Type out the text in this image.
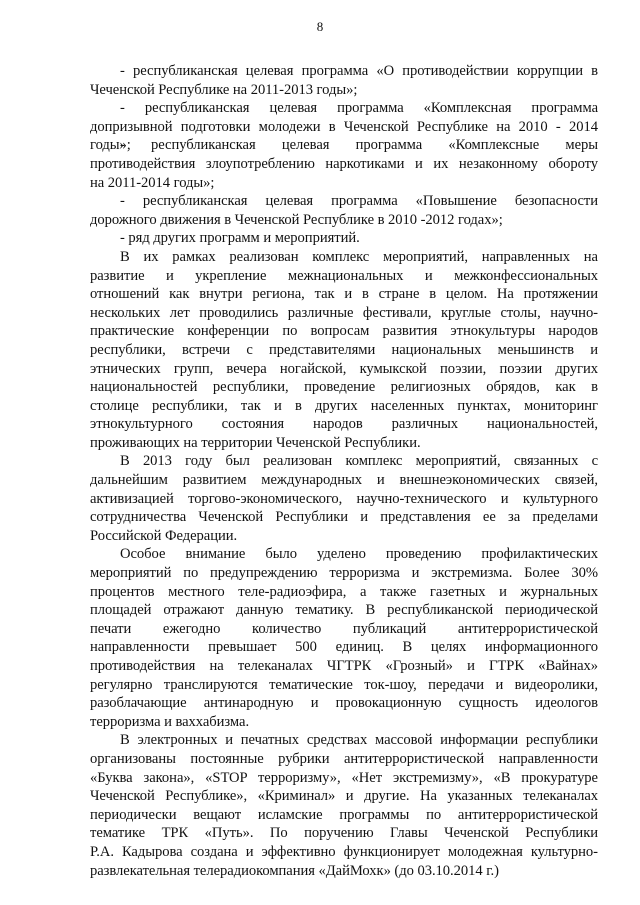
8
- республиканская целевая программа «О противодействии коррупции в
Чеченской Республике на 2011-2013 годы»;
- республиканская целевая программа «Комплексная программа
допризывной подготовки молодежи в Чеченской Республике на 2010 - 2014 годы»;
- республиканская целевая программа «Комплексные меры
противодействия злоупотреблению наркотиками и их незаконному обороту
на 2011-2014 годы»;
- республиканская целевая программа «Повышение безопасности
дорожного движения в Чеченской Республике в 2010 -2012 годах»;
- ряд других программ и мероприятий.
В их рамках реализован комплекс мероприятий, направленных на
развитие и укрепление межнациональных и межконфессиональных
отношений как внутри региона, так и в стране в целом. На протяжении
нескольких лет проводились различные фестивали, круглые столы, научно-
практические конференции по вопросам развития этнокультуры народов
республики, встречи с представителями национальных меньшинств и
этнических групп, вечера ногайской, кумыкской поэзии, поэзии других
национальностей республики, проведение религиозных обрядов, как в
столице республики, так и в других населенных пунктах, мониторинг
этнокультурного состояния народов различных национальностей,
проживающих на территории Чеченской Республики.
В 2013 году был реализован комплекс мероприятий, связанных с
дальнейшим развитием международных и внешнеэкономических связей,
активизацией торгово-экономического, научно-технического и культурного
сотрудничества Чеченской Республики и представления ее за пределами
Российской Федерации.
Особое внимание было уделено проведению профилактических
мероприятий по предупреждению терроризма и экстремизма. Более 30%
процентов местного теле-радиоэфира, а также газетных и журнальных
площадей отражают данную тематику. В республиканской периодической
печати ежегодно количество публикаций антитеррористической
направленности превышает 500 единиц. В целях информационного
противодействия на телеканалах ЧГТРК «Грозный» и ГТРК «Вайнах»
регулярно транслируются тематические ток-шоу, передачи и видеоролики,
разоблачающие антинародную и провокационную сущность идеологов
терроризма и ваххабизма.
В электронных и печатных средствах массовой информации республики
организованы постоянные рубрики антитеррористической направленности
«Буква закона», «STOP терроризму», «Нет экстремизму», «В прокуратуре
Чеченской Республике», «Криминал» и другие. На указанных телеканалах
периодически вещают исламские программы по антитеррористической
тематике ТРК «Путь». По поручению Главы Чеченской Республики
Р.А. Кадырова создана и эффективно функционирует молодежная культурно-
развлекательная телерадиокомпания «ДайМохк» (до 03.10.2014 г.)
